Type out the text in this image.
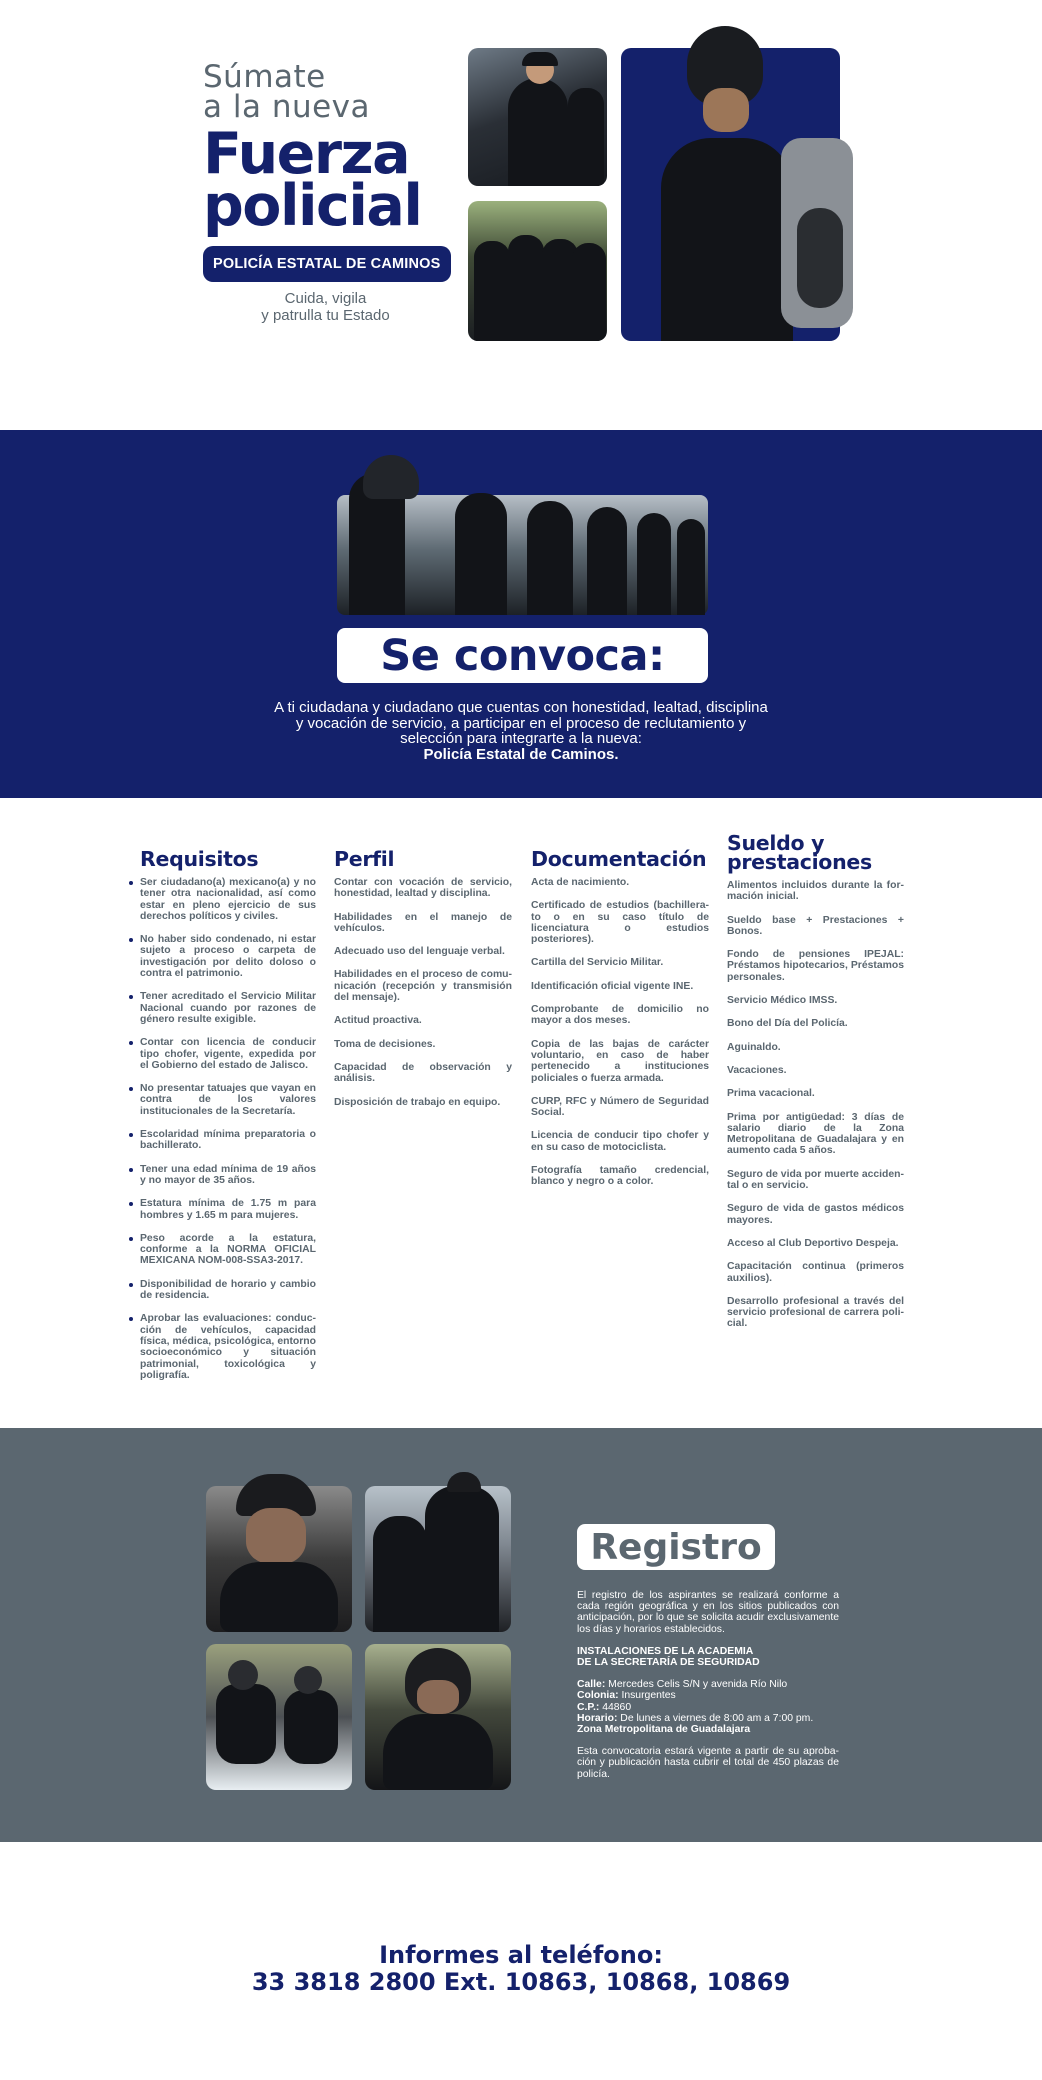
Súmate
a la nueva
Fuerza
policial
POLICÍA ESTATAL DE CAMINOS
Cuida, vigila
y patrulla tu Estado
Se convoca:
A ti ciudadana y ciudadano que cuentas con honestidad, lealtad, disciplina y vocación de servicio, a participar en el proceso de reclutamiento y selección para integrarte a la nueva:
Policía Estatal de Caminos.
Requisitos
Ser ciudadano(a) mexicano(a) y no tener otra nacionalidad, así como estar en pleno ejercicio de sus derechos políticos y civiles.
No haber sido condenado, ni estar sujeto a proceso o carpeta de investigación por delito doloso o contra el patrimonio.
Tener acreditado el Servicio Militar Nacional cuando por razones de género resulte exigible.
Contar con licencia de conducir tipo chofer, vigente, expedida por el Gobierno del estado de Jalisco.
No presentar tatuajes que vayan en contra de los valores institucionales de la Secretaría.
Escolaridad mínima preparatoria o bachillerato.
Tener una edad mínima de 19 años y no mayor de 35 años.
Estatura mínima de 1.75 m para hombres y 1.65 m para mujeres.
Peso acorde a la estatura, conforme a la NORMA OFICIAL MEXICANA NOM-008-SSA3-2017.
Disponibilidad de horario y cambio de residencia.
Aprobar las evaluaciones: conducción de vehículos, capacidad física, médica, psicológica, entorno socioeconómico y situación patrimonial, toxicológica y poligrafía.
Perfil
Contar con vocación de servicio, honestidad, lealtad y disciplina.
Habilidades en el manejo de vehículos.
Adecuado uso del lenguaje verbal.
Habilidades en el proceso de comunicación (recepción y transmisión del mensaje).
Actitud proactiva.
Toma de decisiones.
Capacidad de observación y análisis.
Disposición de trabajo en equipo.
Documentación
Acta de nacimiento.
Certificado de estudios (bachillerato o en su caso título de licenciatura o estudios posteriores).
Cartilla del Servicio Militar.
Identificación oficial vigente INE.
Comprobante de domicilio no mayor a dos meses.
Copia de las bajas de carácter voluntario, en caso de haber pertenecido a instituciones policiales o fuerza armada.
CURP, RFC y Número de Seguridad Social.
Licencia de conducir tipo chofer y en su caso de motociclista.
Fotografía tamaño credencial, blanco y negro o a color.
Sueldo y
prestaciones
Alimentos incluidos durante la formación inicial.
Sueldo base + Prestaciones + Bonos.
Fondo de pensiones IPEJAL: Préstamos hipotecarios, Préstamos personales.
Servicio Médico IMSS.
Bono del Día del Policía.
Aguinaldo.
Vacaciones.
Prima vacacional.
Prima por antigüedad: 3 días de salario diario de la Zona Metropolitana de Guadalajara y en aumento cada 5 años.
Seguro de vida por muerte accidental o en servicio.
Seguro de vida de gastos médicos mayores.
Acceso al Club Deportivo Despeja.
Capacitación continua (primeros auxilios).
Desarrollo profesional a través del servicio profesional de carrera policial.
Registro

El registro de los aspirantes se realizará conforme a cada región geográfica y en los sitios publicados con anticipación, por lo que se solicita acudir exclusivamente los días y horarios establecidos.

INSTALACIONES DE LA ACADEMIA
DE LA SECRETARÍA DE SEGURIDAD

Calle: Mercedes Celis S/N y avenida Río Nilo
Colonia: Insurgentes
C.P.: 44860
Horario: De lunes a viernes de 8:00 am a 7:00 pm.
Zona Metropolitana de Guadalajara

Esta convocatoria estará vigente a partir de su aprobación y publicación hasta cubrir el total de 450 plazas de policía.

Informes al teléfono:
33 3818 2800 Ext. 10863, 10868, 10869
